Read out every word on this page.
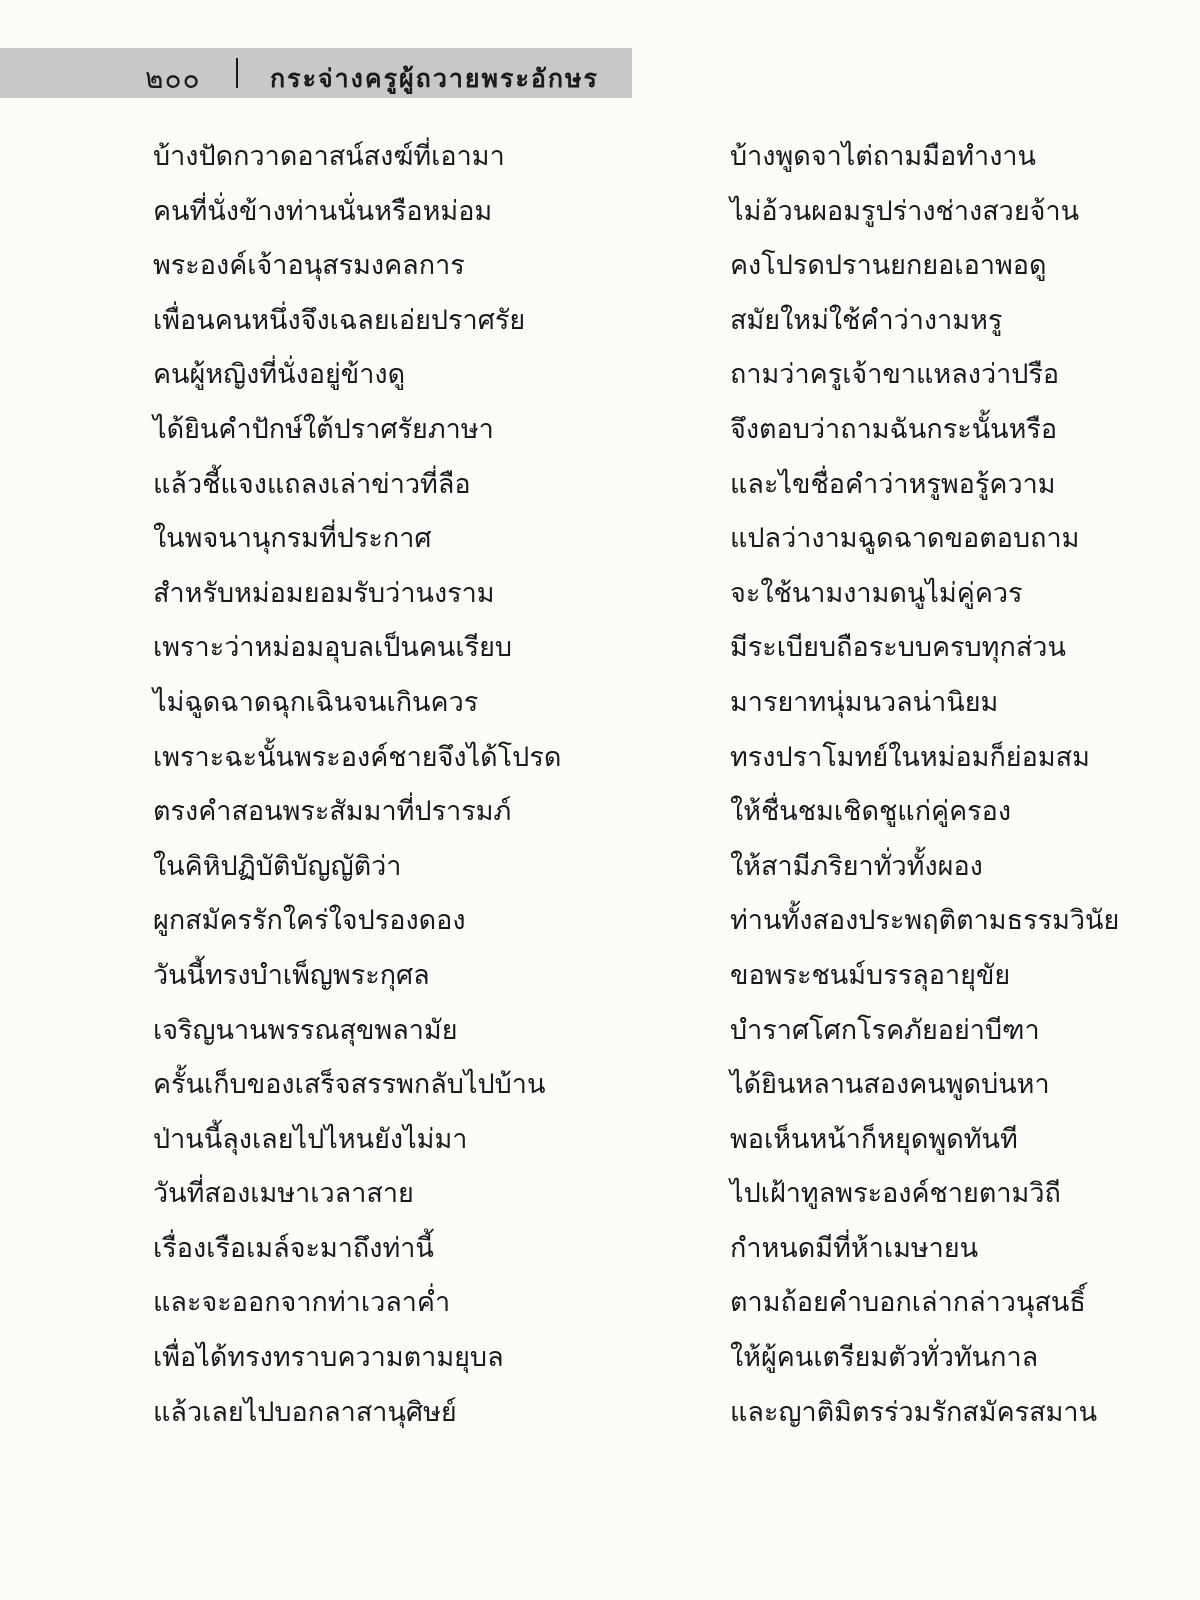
๒๐๐	กระจ่างครูผู้ถวายพระอักษร
บ้างปัดกวาดอาสน์สงฆ์ที่เอามา	บ้างพูดจาไต่ถามมือทำงาน
คนที่นั่งข้างท่านนั่นหรือหม่อม	ไม่อ้วนผอมรูปร่างช่างสวยจ้าน
พระองค์เจ้าอนุสรมงคลการ	คงโปรดปรานยกยอเอาพอดู
เพื่อนคนหนึ่งจึงเฉลยเอ่ยปราศรัย	สมัยใหม่ใช้คำว่างามหรู
คนผู้หญิงที่นั่งอยู่ข้างดู	ถามว่าครูเจ้าขาแหลงว่าปรือ
ได้ยินคำปักษ์ใต้ปราศรัยภาษา	จึงตอบว่าถามฉันกระนั้นหรือ
แล้วชี้แจงแถลงเล่าข่าวที่ลือ	และไขชื่อคำว่าหรูพอรู้ความ
ในพจนานุกรมที่ประกาศ	แปลว่างามฉูดฉาดขอตอบถาม
สำหรับหม่อมยอมรับว่านงราม	จะใช้นามงามดนูไม่คู่ควร
เพราะว่าหม่อมอุบลเป็นคนเรียบ	มีระเบียบถือระบบครบทุกส่วน
ไม่ฉูดฉาดฉุกเฉินจนเกินควร	มารยาทนุ่มนวลน่านิยม
เพราะฉะนั้นพระองค์ชายจึงได้โปรด	ทรงปราโมทย์ในหม่อมก็ย่อมสม
ตรงคำสอนพระสัมมาที่ปรารมภ์	ให้ชื่นชมเชิดชูแก่คู่ครอง
ในคิหิปฏิบัติบัญญัติว่า	ให้สามีภริยาทั่วทั้งผอง
ผูกสมัครรักใคร่ใจปรองดอง	ท่านทั้งสองประพฤติตามธรรมวินัย
วันนี้ทรงบำเพ็ญพระกุศล	ขอพระชนม์บรรลุอายุขัย
เจริญนานพรรณสุขพลามัย	บำราศโศกโรคภัยอย่าบีฑา
ครั้นเก็บของเสร็จสรรพกลับไปบ้าน	ได้ยินหลานสองคนพูดบ่นหา
ป่านนี้ลุงเลยไปไหนยังไม่มา	พอเห็นหน้าก็หยุดพูดทันที
วันที่สองเมษาเวลาสาย	ไปเฝ้าทูลพระองค์ชายตามวิถี
เรื่องเรือเมล์จะมาถึงท่านี้	กำหนดมีที่ห้าเมษายน
และจะออกจากท่าเวลาค่ำ	ตามถ้อยคำบอกเล่ากล่าวนุสนธิ์
เพื่อได้ทรงทราบความตามยุบล	ให้ผู้คนเตรียมตัวทั่วทันกาล
แล้วเลยไปบอกลาสานุศิษย์	และญาติมิตรร่วมรักสมัครสมาน
